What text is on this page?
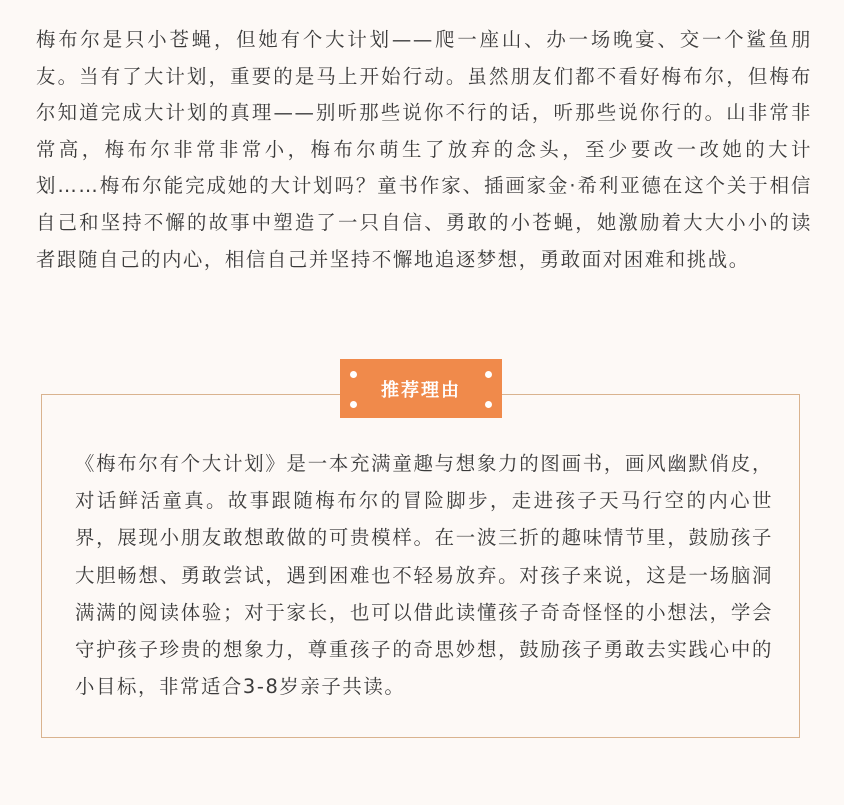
梅布尔是只小苍蝇，但她有个大计划——爬一座山、办一场晚宴、交一个鲨鱼朋友。当有了大计划，重要的是马上开始行动。虽然朋友们都不看好梅布尔，但梅布尔知道完成大计划的真理——别听那些说你不行的话，听那些说你行的。山非常非常高，梅布尔非常非常小，梅布尔萌生了放弃的念头，至少要改一改她的大计划……梅布尔能完成她的大计划吗？童书作家、插画家金·希利亚德在这个关于相信自己和坚持不懈的故事中塑造了一只自信、勇敢的小苍蝇，她激励着大大小小的读者跟随自己的内心，相信自己并坚持不懈地追逐梦想，勇敢面对困难和挑战。

推荐理由

《梅布尔有个大计划》是一本充满童趣与想象力的图画书，画风幽默俏皮，对话鲜活童真。故事跟随梅布尔的冒险脚步，走进孩子天马行空的内心世界，展现小朋友敢想敢做的可贵模样。在一波三折的趣味情节里，鼓励孩子大胆畅想、勇敢尝试，遇到困难也不轻易放弃。对孩子来说，这是一场脑洞满满的阅读体验；对于家长，也可以借此读懂孩子奇奇怪怪的小想法，学会守护孩子珍贵的想象力，尊重孩子的奇思妙想，鼓励孩子勇敢去实践心中的小目标，非常适合3-8岁亲子共读。
